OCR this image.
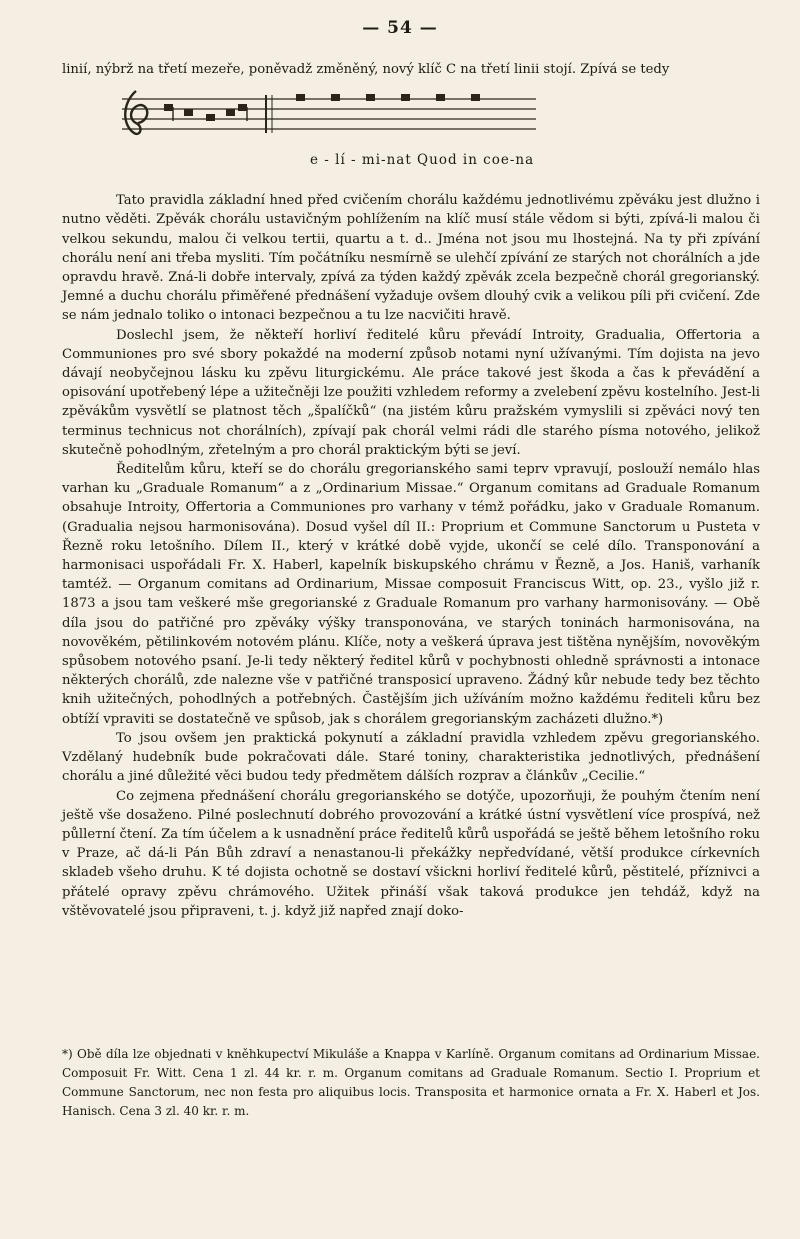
— 54 —

linií, nýbrž na třetí mezeře, poněvadž změněný, nový klíč C na třetí linii stojí. Zpívá se tedy

e - lí - mi-nat Quod in coe-na

Tato pravidla základní hned před cvičením chorálu každému jednotlivému zpěváku jest dlužno i nutno věděti. Zpěvák chorálu ustavičným pohlížením na klíč musí stále vědom si býti, zpívá-li malou či velkou sekundu, malou či velkou tertii, quartu a t. d.. Jména not jsou mu lhostejná. Na ty při zpívání chorálu není ani třeba mysliti. Tím počátníku nesmírně se ulehčí zpívání ze starých not chorálních a jde opravdu hravě. Zná-li dobře intervaly, zpívá za týden každý zpěvák zcela bezpečně chorál gregorianský. Jemné a duchu chorálu přiměřené přednášení vyžaduje ovšem dlouhý cvik a velikou píli při cvičení. Zde se nám jednalo toliko o intonaci bezpečnou a tu lze nacvičiti hravě.

Doslechl jsem, že někteří horliví ředitelé kůru převádí Introity, Gradualia, Offertoria a Communiones pro své sbory pokaždé na moderní způsob notami nyní užívanými. Tím dojista na jevo dávají neobyčejnou lásku ku zpěvu liturgickému. Ale práce takové jest škoda a čas k převádění a opisování upotřebený lépe a užitečněji lze použiti vzhledem reformy a zvelebení zpěvu kostelního. Jest-li zpěvákům vysvětlí se platnost těch „špalíčků“ (na jistém kůru pražském vymyslili si zpěváci nový ten terminus technicus not chorálních), zpívají pak chorál velmi rádi dle starého písma notového, jelikož skutečně pohodlným, zřetelným a pro chorál praktickým býti se jeví.

Ředitelům kůru, kteří se do chorálu gregorianského sami teprv vpravují, poslouží nemálo hlas varhan ku „Graduale Romanum“ a z „Ordinarium Missae.“ Organum comitans ad Graduale Romanum obsahuje Introity, Offertoria a Communiones pro varhany v témž pořádku, jako v Graduale Romanum. (Gradualia nejsou harmonisována). Dosud vyšel díl II.: Proprium et Commune Sanctorum u Pusteta v Řezně roku letošního. Dílem II., který v krátké době vyjde, ukončí se celé dílo. Transponování a harmonisaci uspořádali Fr. X. Haberl, kapelník biskupského chrámu v Řezně, a Jos. Haniš, varhaník tamtéž. — Organum comitans ad Ordinarium, Missae composuit Franciscus Witt, op. 23., vyšlo již r. 1873 a jsou tam veškeré mše gregorianské z Graduale Romanum pro varhany harmonisovány. — Obě díla jsou do patřičné pro zpěváky výšky transponována, ve starých toninách harmonisována, na novověkém, pětilinkovém notovém plánu. Klíče, noty a veškerá úprava jest tištěna nynějším, novověkým spůsobem notového psaní. Je-li tedy některý ředitel kůrů v pochybnosti ohledně správnosti a intonace některých chorálů, zde nalezne vše v patřičné transposicí upraveno. Žádný kůr nebude tedy bez těchto knih užitečných, pohodlných a potřebných. Častějším jich užíváním možno každému řediteli kůru bez obtíží vpraviti se dostatečně ve spůsob, jak s chorálem gregorianským zacházeti dlužno.*)

To jsou ovšem jen praktická pokynutí a základní pravidla vzhledem zpěvu gregorianského. Vzdělaný hudebník bude pokračovati dále. Staré toniny, charakteristika jednotlivých, přednášení chorálu a jiné důležité věci budou tedy předmětem dálších rozprav a článkův „Cecilie.“

Co zejmena přednášení chorálu gregorianského se dotýče, upozorňuji, že pouhým čtením není ještě vše dosaženo. Pilné poslechnutí dobrého provozování a krátké ústní vysvětlení více prospívá, než půllетní čtení. Za tím účelem a k usnadnění práce ředitelů kůrů uspořádá se ještě během letošního roku v Praze, ač dá-li Pán Bůh zdraví a nenastanou-li překážky nepředvídané, větší produkce církevních skladeb všeho druhu. K té dojista ochotně se dostaví všickni horliví ředitelé kůrů, pěstitelé, příznivci a přátelé opravy zpěvu chrámového. Užitek přináší však taková produkce jen tehdáž, když na vštěvovatelé jsou připraveni, t. j. když již napřed znají doko-

*) Obě díla lze objednati v kněhkupectví Mikuláše a Knappa v Karlíně. Organum comitans ad Ordinarium Missae. Composuit Fr. Witt. Cena 1 zl. 44 kr. r. m. Organum comitans ad Graduale Romanum. Sectio I. Proprium et Commune Sanctorum, nec non festa pro aliquibus locis. Transposita et harmonice ornata a Fr. X. Haberl et Jos. Hanisch. Cena 3 zl. 40 kr. r. m.
